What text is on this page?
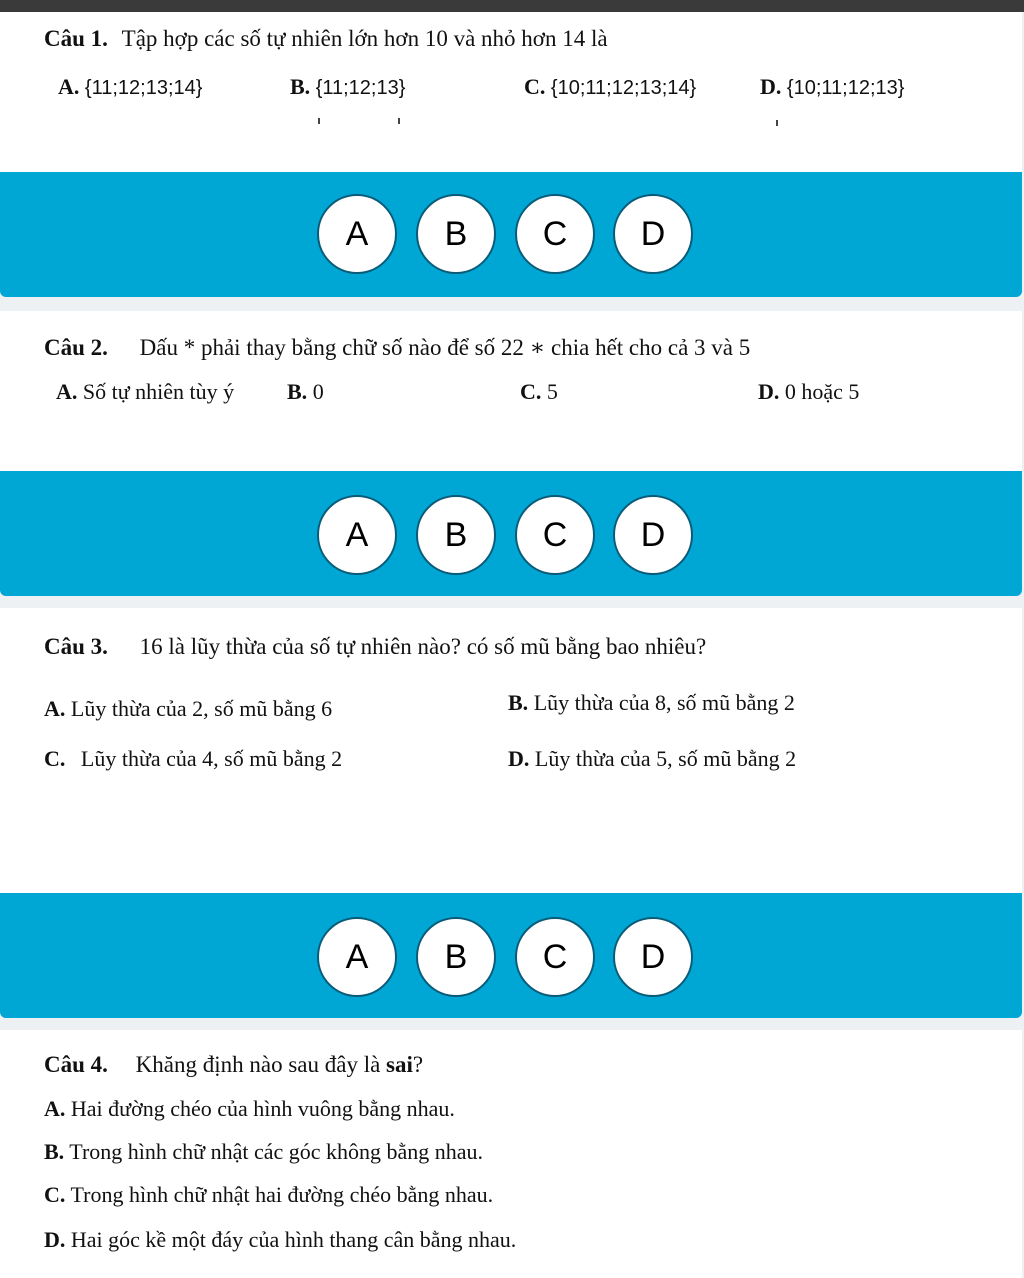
Câu 1. Tập hợp các số tự nhiên lớn hơn 10 và nhỏ hơn 14 là
A. {11;12;13;14}	B. {11;12;13}	C. {10;11;12;13;14}	D. {10;11;12;13}
A	B	C	D
Câu 2. Dấu * phải thay bằng chữ số nào để số 22 ∗ chia hết cho cả 3 và 5
A. Số tự nhiên tùy ý B. 0	C. 5	D. 0 hoặc 5
A	B	C	D
Câu 3. 16 là lũy thừa của số tự nhiên nào? có số mũ bằng bao nhiêu?
A. Lũy thừa của 2, số mũ bằng 6	B. Lũy thừa của 8, số mũ bằng 2
C. Lũy thừa của 4, số mũ bằng 2	D. Lũy thừa của 5, số mũ bằng 2
A	B	C	D
Câu 4. Khăng định nào sau đây là sai?
A. Hai đường chéo của hình vuông bằng nhau.
B. Trong hình chữ nhật các góc không bằng nhau.
C. Trong hình chữ nhật hai đường chéo bằng nhau.
D. Hai góc kề một đáy của hình thang cân bằng nhau.
